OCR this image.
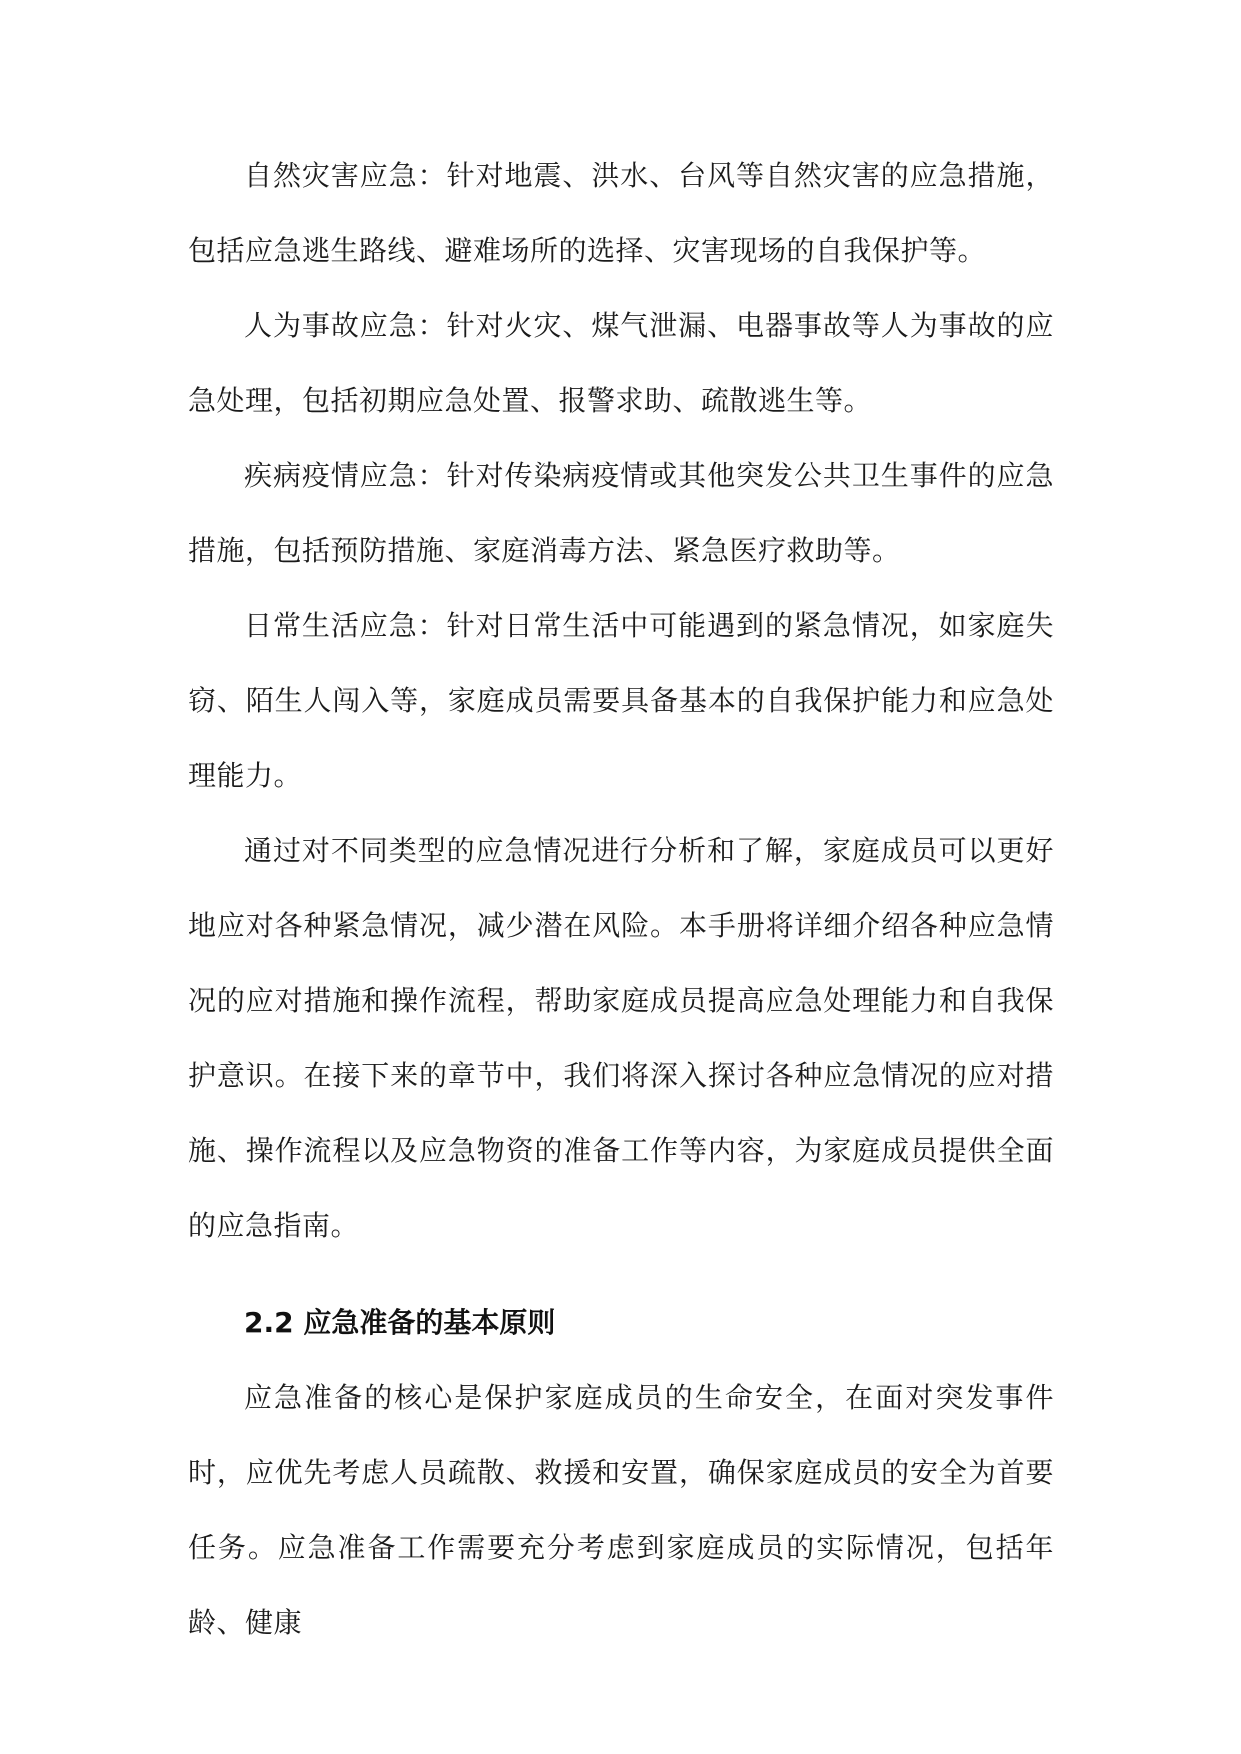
自然灾害应急：针对地震、洪水、台风等自然灾害的应急措施，包括应急逃生路线、避难场所的选择、灾害现场的自我保护等。

人为事故应急：针对火灾、煤气泄漏、电器事故等人为事故的应急处理，包括初期应急处置、报警求助、疏散逃生等。

疾病疫情应急：针对传染病疫情或其他突发公共卫生事件的应急措施，包括预防措施、家庭消毒方法、紧急医疗救助等。

日常生活应急：针对日常生活中可能遇到的紧急情况，如家庭失窃、陌生人闯入等，家庭成员需要具备基本的自我保护能力和应急处理能力。

通过对不同类型的应急情况进行分析和了解，家庭成员可以更好地应对各种紧急情况，减少潜在风险。本手册将详细介绍各种应急情况的应对措施和操作流程，帮助家庭成员提高应急处理能力和自我保护意识。在接下来的章节中，我们将深入探讨各种应急情况的应对措施、操作流程以及应急物资的准备工作等内容，为家庭成员提供全面的应急指南。

2.2 应急准备的基本原则

应急准备的核心是保护家庭成员的生命安全，在面对突发事件时，应优先考虑人员疏散、救援和安置，确保家庭成员的安全为首要任务。应急准备工作需要充分考虑到家庭成员的实际情况，包括年龄、健康
